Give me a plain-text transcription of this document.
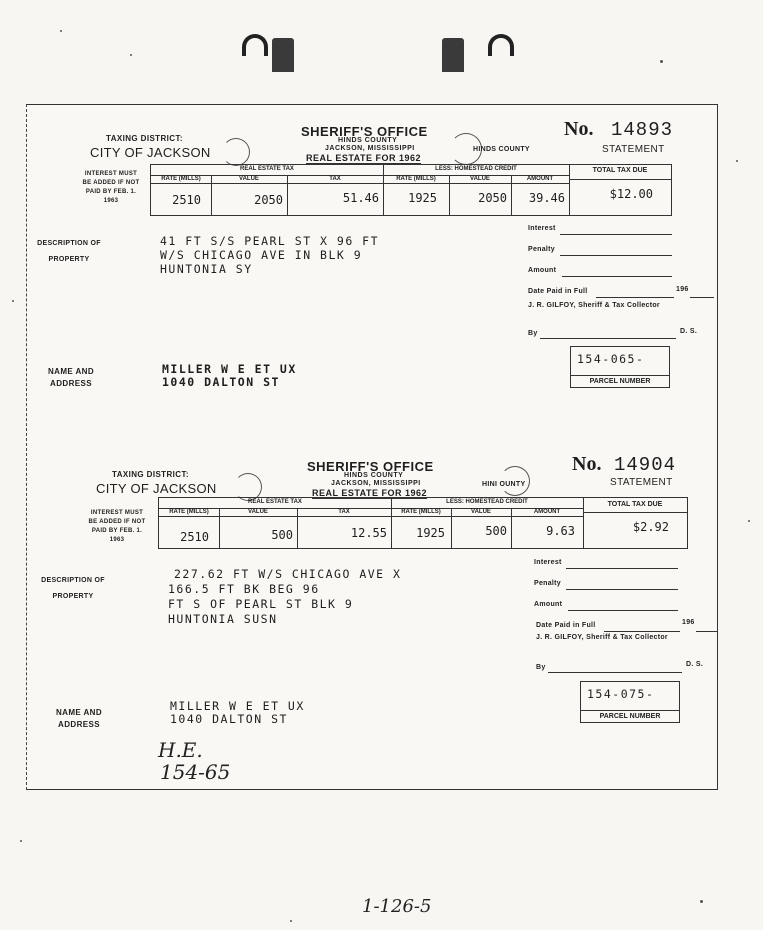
TAXING DISTRICT:
CITY OF JACKSON
SHERIFF'S OFFICE
HINDS COUNTY
JACKSON, MISSISSIPPI
REAL ESTATE FOR 1962
HINDS COUNTY
No. 14893
STATEMENT
INTEREST MUST BE ADDED IF NOT PAID BY FEB. 1. 1963
REAL ESTATE TAX	LESS: HOMESTEAD CREDIT
RATE (MILLS)	VALUE	TAX	RATE (MILLS)	VALUE	AMOUNT
TOTAL TAX DUE
2510	2050	51.46	1925	2050	39.46	$12.00
DESCRIPTION OF PROPERTY
41 FT S/S PEARL ST X 96 FT
W/S CHICAGO AVE IN BLK 9
HUNTONIA SY
Interest
Penalty
Amount
Date Paid in Full	196
J. R. GILFOY, Sheriff & Tax Collector
By	D. S.
NAME AND ADDRESS
MILLER W E ET UX
1040 DALTON ST
154-065-
PARCEL NUMBER
TAXING DISTRICT:
CITY OF JACKSON
SHERIFF'S OFFICE
HINDS COUNTY
JACKSON, MISSISSIPPI
REAL ESTATE FOR 1962
HINI OUNTY
No. 14904
STATEMENT
INTEREST MUST BE ADDED IF NOT PAID BY FEB. 1. 1963
REAL ESTATE TAX	LESS: HOMESTEAD CREDIT
RATE (MILLS)	VALUE	TAX	RATE (MILLS)	VALUE	AMOUNT
TOTAL TAX DUE
2510	500	12.55	1925	500	9.63	$2.92
DESCRIPTION OF PROPERTY
227.62 FT W/S CHICAGO AVE X
166.5 FT BK BEG 96
FT S OF PEARL ST BLK 9
HUNTONIA SUSN
Interest
Penalty
Amount
Date Paid in Full	196
J. R. GILFOY, Sheriff & Tax Collector
By	D. S.
NAME AND ADDRESS
MILLER W E ET UX
1040 DALTON ST
154-075-
PARCEL NUMBER
H.E.
154-65
1-126-5
